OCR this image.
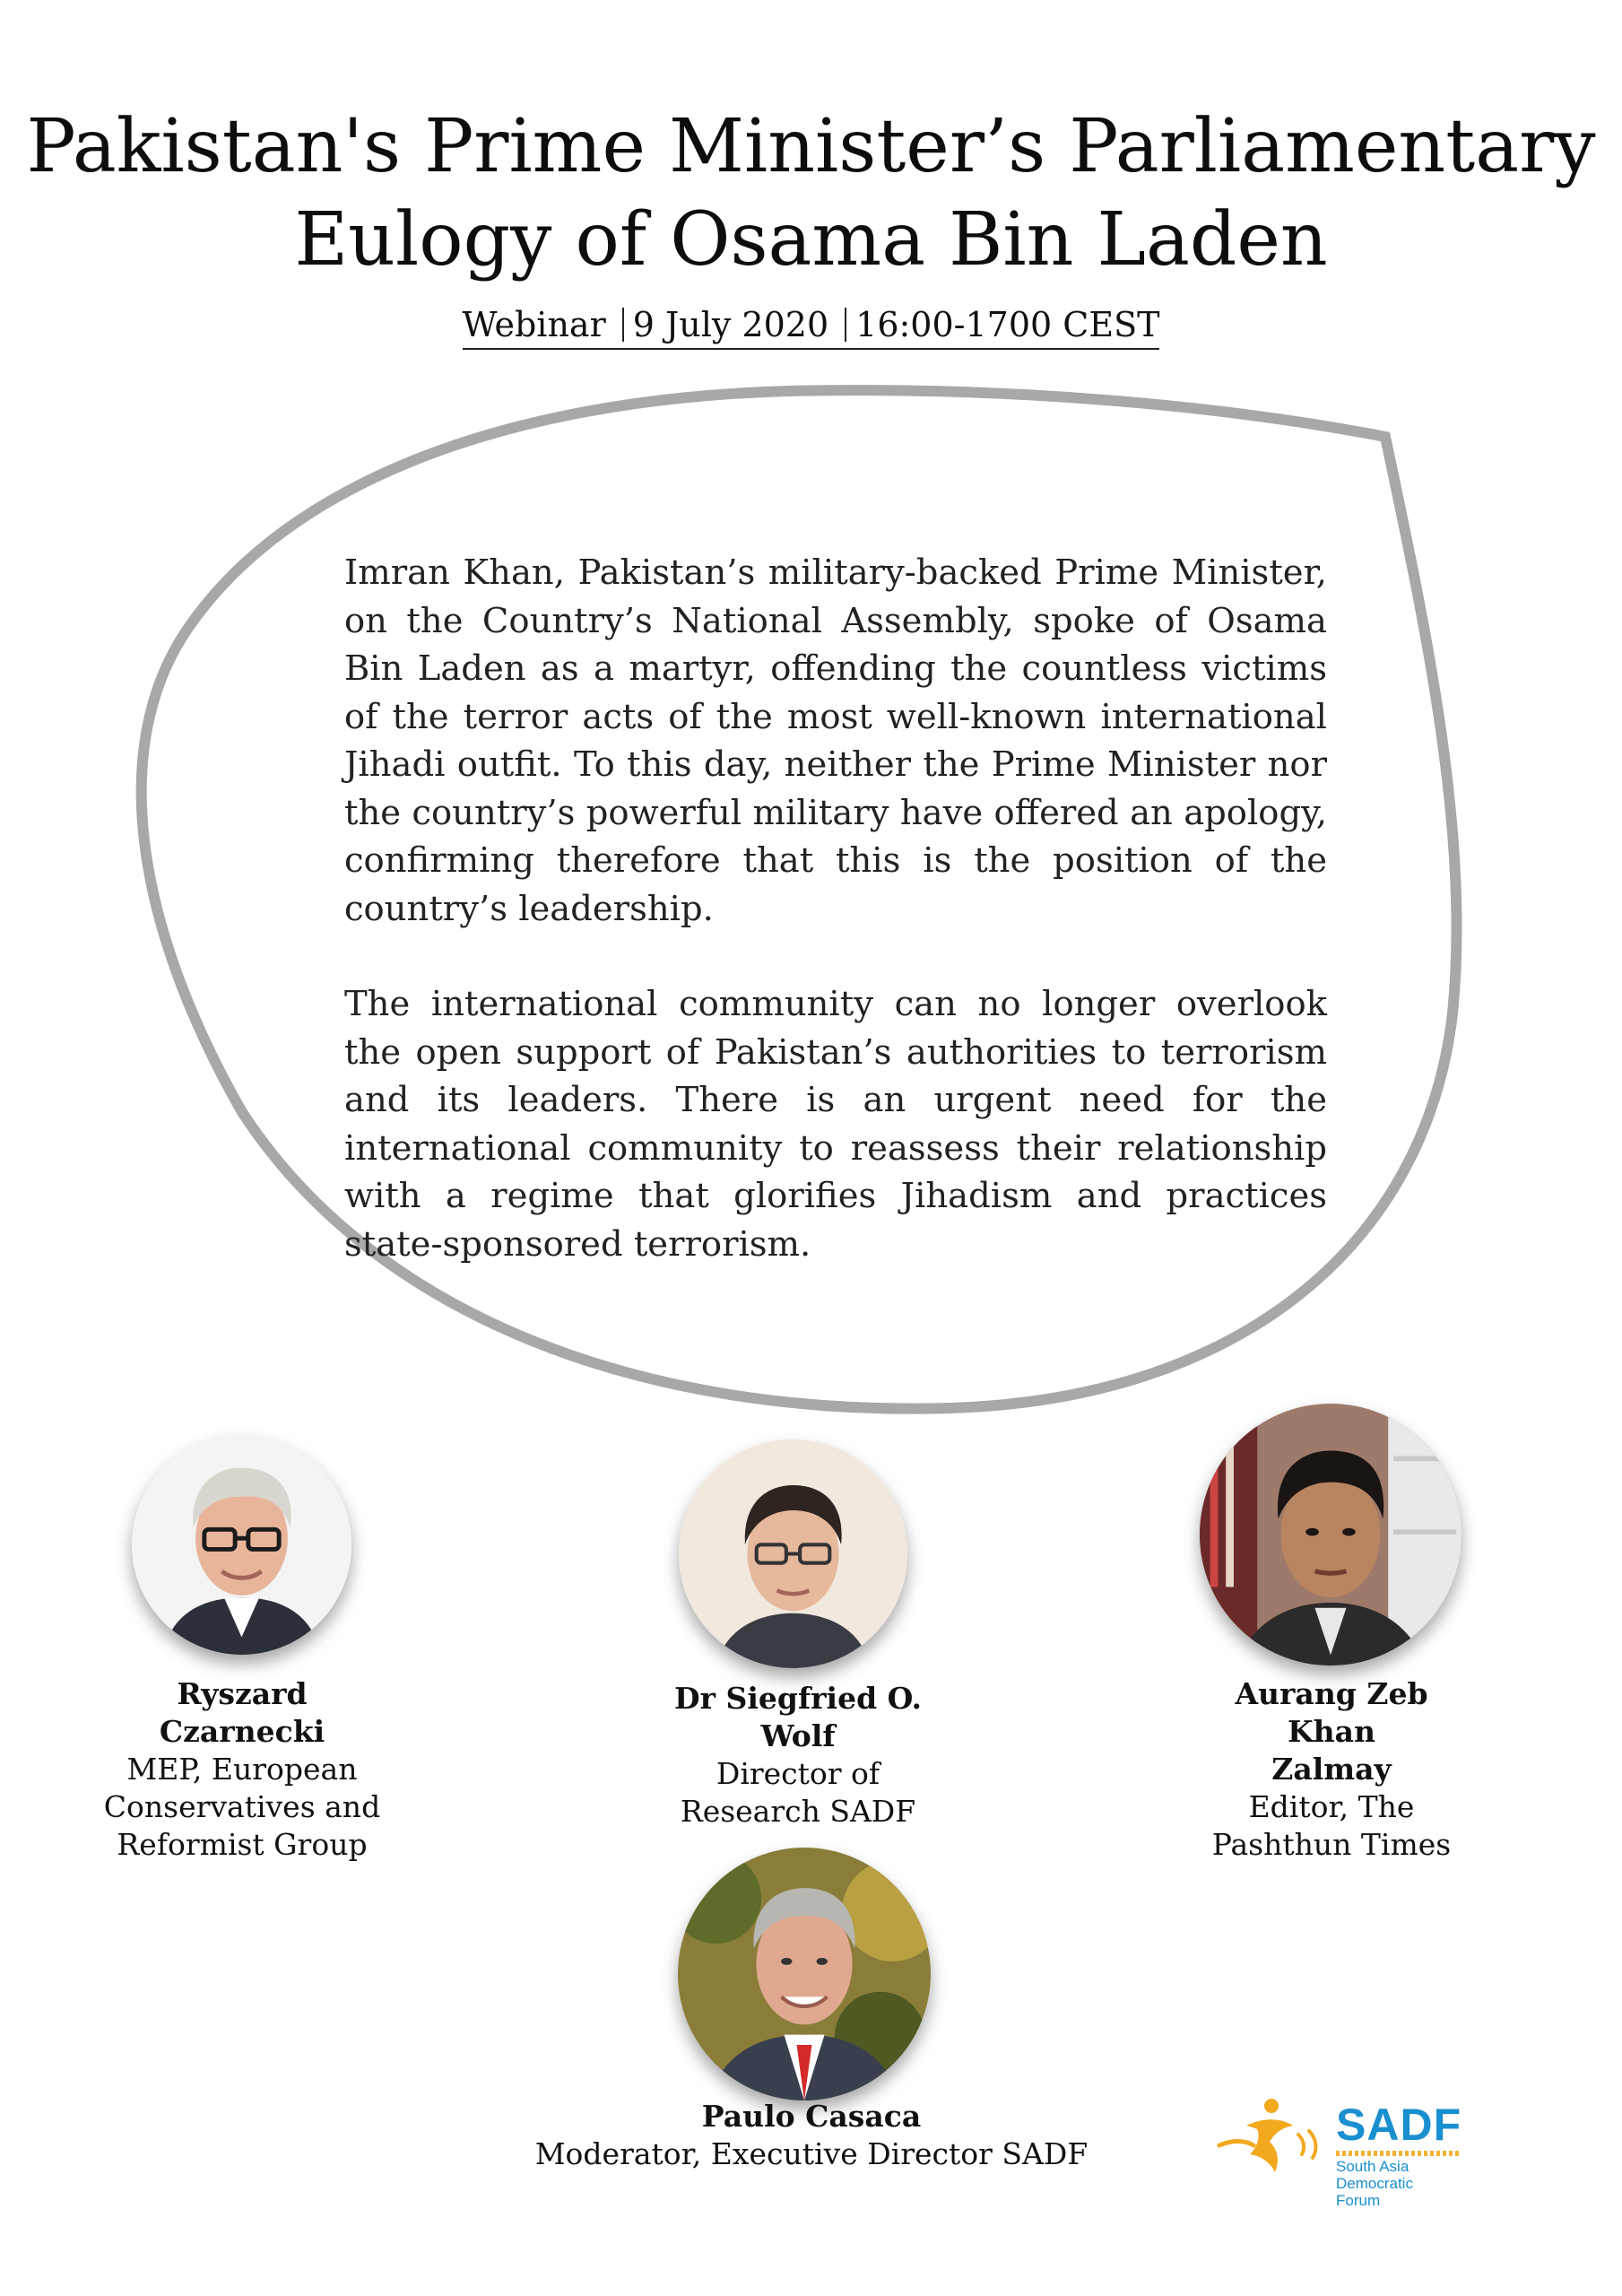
Pakistan's Prime Minister’s Parliamentary
Eulogy of Osama Bin Laden
Webinar 9 July 2020 16:00-1700 CEST

Imran Khan, Pakistan’s military-backed Prime Minister, on the Country’s National Assembly, spoke of Osama Bin Laden as a martyr, offending the countless victims of the terror acts of the most well-known international Jihadi outfit. To this day, neither the Prime Minister nor the country’s powerful military have offered an apology, confirming therefore that this is the position of the country’s leadership.

The international community can no longer overlook the open support of Pakistan’s authorities to terrorism and its leaders. There is an urgent need for the international community to reassess their relationship with a regime that glorifies Jihadism and practices state-sponsored terrorism.

Ryszard Czarnecki
MEP, European
Conservatives and
Reformist Group
Dr Siegfried O.
Wolf
Director of
Research SADF
Aurang Zeb Khan
Zalmay
Editor, The
Pashthun Times
Paulo Casaca
Moderator, Executive Director SADF
SADF
South Asia
Democratic
Forum
